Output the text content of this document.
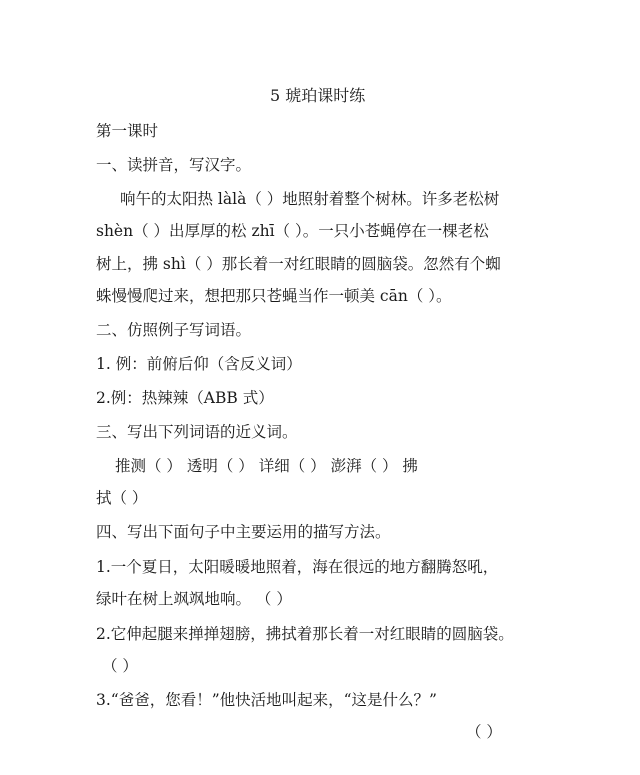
5 琥珀课时练
第一课时
一、读拼音，写汉字。
响午的太阳热 làlà（ ）地照射着整个树林。许多老松树
shèn（ ）出厚厚的松 zhī（ ）。一只小苍蝇停在一棵老松
树上，拂 shì（ ）那长着一对红眼睛的圆脑袋。忽然有个蜘
蛛慢慢爬过来，想把那只苍蝇当作一顿美 cān（ ）。
二、仿照例子写词语。
1. 例：前俯后仰（含反义词）
2.例：热辣辣（ABB 式）
三、写出下列词语的近义词。
推测（ ） 透明（ ） 详细（ ） 澎湃（ ） 拂
拭（ ）
四、写出下面句子中主要运用的描写方法。
1.一个夏日，太阳暖暖地照着，海在很远的地方翻腾怒吼，
绿叶在树上飒飒地响。 （ ）
2.它伸起腿来掸掸翅膀，拂拭着那长着一对红眼睛的圆脑袋。
（ ）
3.“爸爸，您看！”他快活地叫起来，“这是什么？”
（ ）
